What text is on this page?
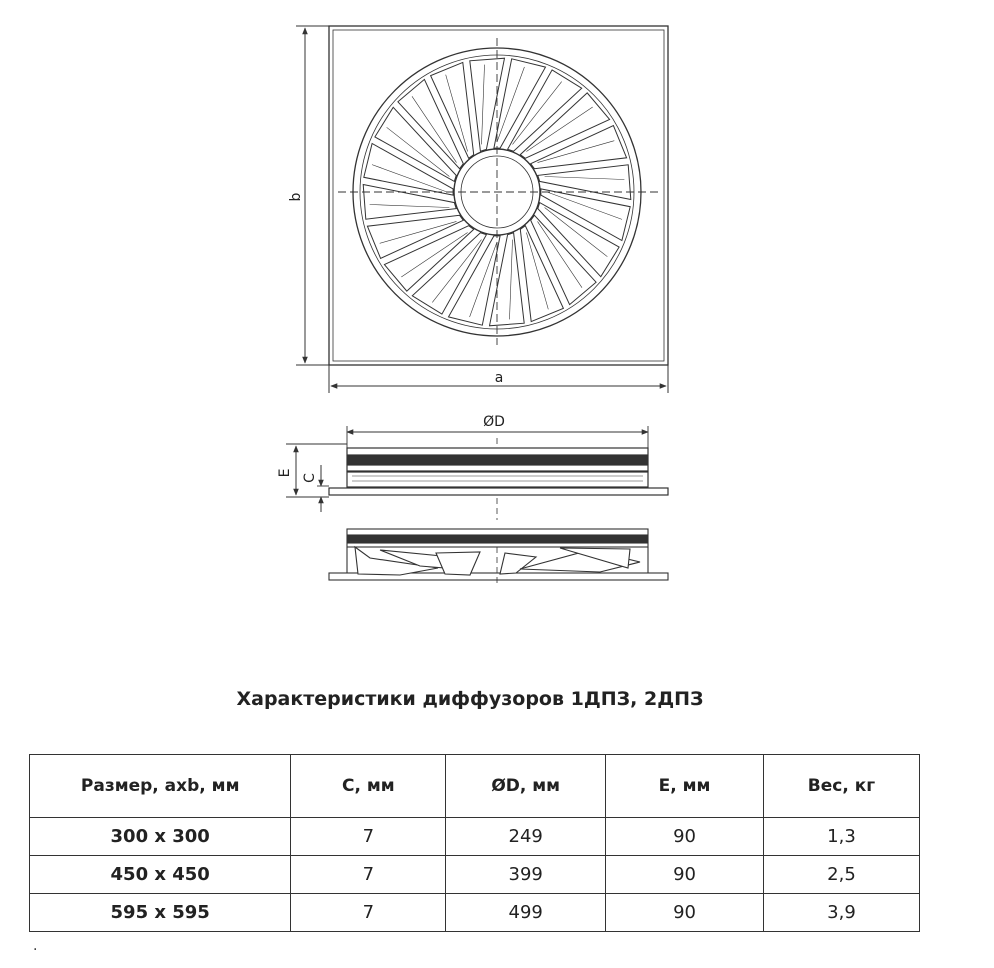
b
a
ØD
E
C
Характеристики диффузоров 1ДПЗ, 2ДПЗ
Размер, axb, мм	C, мм	ØD, мм	E, мм	Вес, кг
300 x 300	7	249	90	1,3
450 x 450	7	399	90	2,5
595 x 595	7	499	90	3,9
.
